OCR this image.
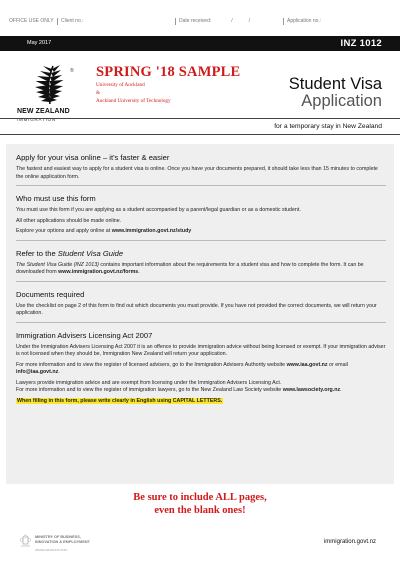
OFFICE USE ONLY	Client no.:	Date received:	/	/	Application no.:
May 2017	INZ 1012
®
NEW ZEALAND
IMMIGRATION
SPRING '18 SAMPLE
University of Auckland
&
Auckland University of Technology
Student Visa
Application
for a temporary stay in New Zealand
Apply for your visa online – it's faster & easier

The fastest and easiest way to apply for a student visa is online. Once you have your documents prepared, it should take less than 15 minutes to complete the online application form.

Who must use this form

You must use this form if you are applying as a student accompanied by a parent/legal guardian or as a domestic student.

All other applications should be made online.

Explore your options and apply online at www.immigration.govt.nz/study

Refer to the Student Visa Guide

The Student Visa Guide (INZ 1013) contains important information about the requirements for a student visa and how to complete the form. It can be downloaded from www.immigration.govt.nz/forms.

Documents required

Use the checklist on page 2 of this form to find out which documents you must provide. If you have not provided the correct documents, we will return your application.

Immigration Advisers Licensing Act 2007

Under the Immigration Advisers Licensing Act 2007 it is an offence to provide immigration advice without being licensed or exempt. If your immigration adviser is not licensed when they should be, Immigration New Zealand will return your application.

For more information and to view the register of licensed advisers, go to the Immigration Advisers Authority website www.iaa.govt.nz or email info@iaa.govt.nz.

Lawyers provide immigration advice and are exempt from licensing under the Immigration Advisers Licensing Act.
For more information and to view the register of immigration lawyers, go to the New Zealand Law Society website www.lawsociety.org.nz.

When filling in this form, please write clearly in English using CAPITAL LETTERS.

Be sure to include ALL pages,
even the blank ones!
MINISTRY OF BUSINESS,
INNOVATION & EMPLOYMENT
HĪKINA WHAKATUTUKI
immigration.govt.nz
